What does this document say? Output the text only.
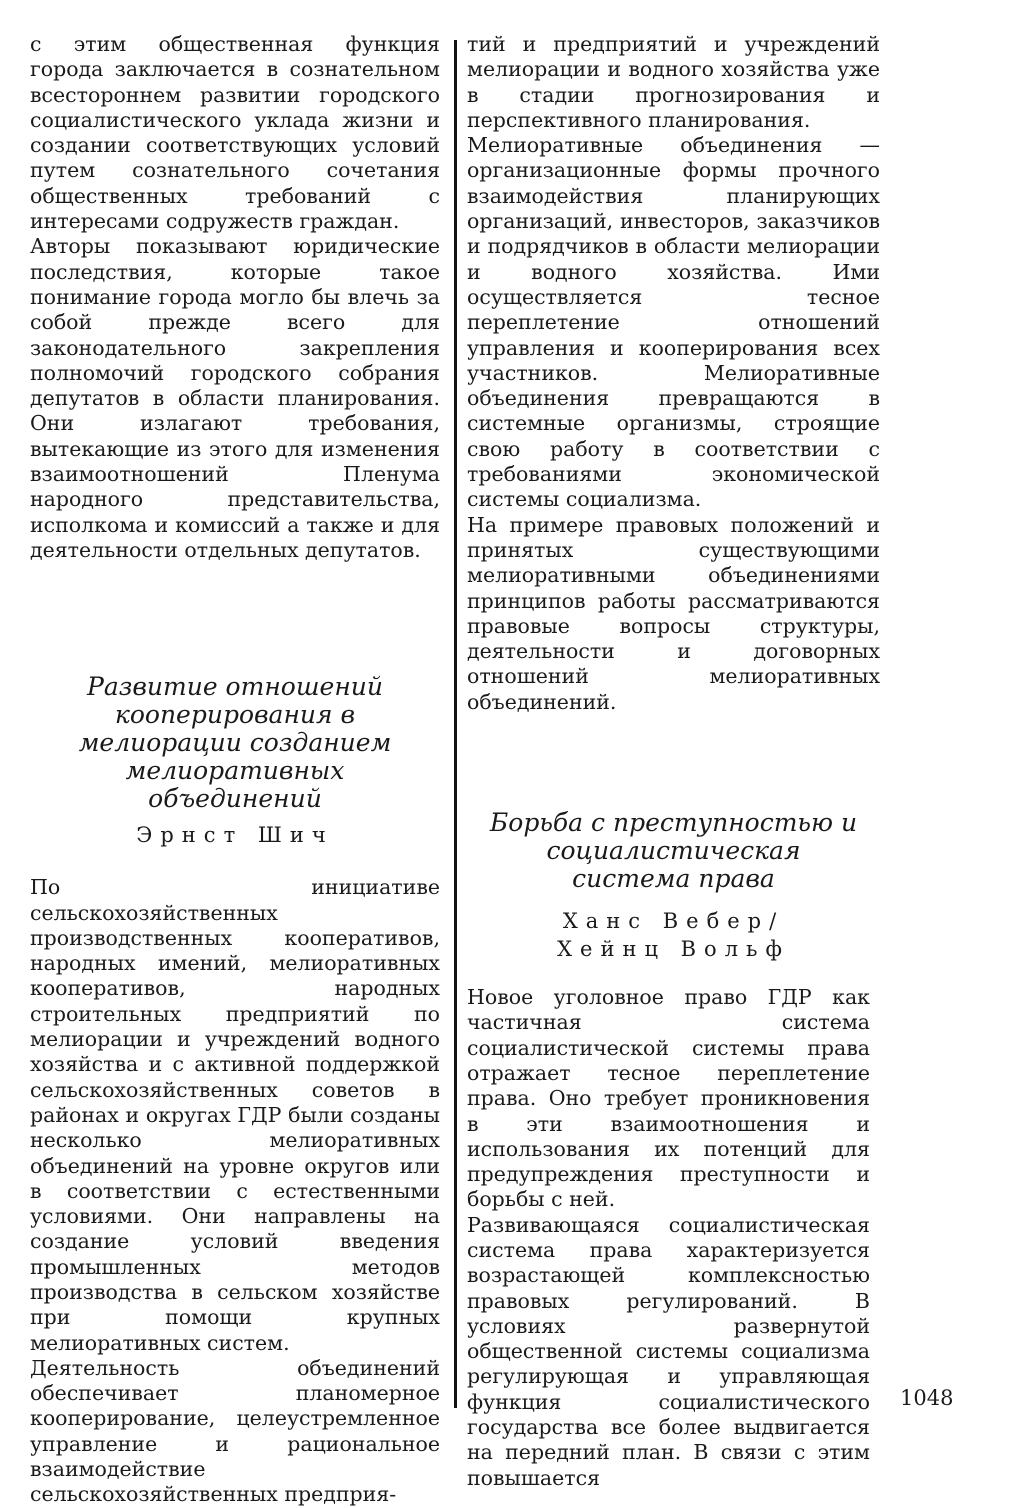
с этим общественная функция города заключается в сознательном всестороннем развитии городского социалистического уклада жизни и создании соответствующих условий путем сознательного сочетания общественных требований с интересами содружеств граждан.

Авторы показывают юридические последствия, которые такое понимание города могло бы влечь за собой прежде всего для законодательного закрепления полномочий городского собрания депутатов в области планирования. Они излагают требования, вытекающие из этого для изменения взаимоотношений Пленума народного представительства, исполкома и комиссий а также и для деятельности отдельных депутатов.

Развитие отношений кооперирования в мелиорации созданием мелиоративных объединений

Эрнст Шич

По инициативе сельскохозяйственных производственных кооперативов, народных имений, мелиоративных кооперативов, народных строительных предприятий по мелиорации и учреждений водного хозяйства и с активной поддержкой сельскохозяйственных советов в районах и округах ГДР были созданы несколько мелиоративных объединений на уровне округов или в соответствии с естественными условиями. Они направлены на создание условий введения промышленных методов производства в сельском хозяйстве при помощи крупных мелиоративных систем.

Деятельность объединений обеспечивает планомерное кооперирование, целеустремленное управление и рациональное взаимодействие сельскохозяйственных предприя-

тий и предприятий и учреждений мелиорации и водного хозяйства уже в стадии прогнозирования и перспективного планирования.

Мелиоративные объединения — организационные формы прочного взаимодействия планирующих организаций, инвесторов, заказчиков и подрядчиков в области мелиорации и водного хозяйства. Ими осуществляется тесное переплетение отношений управления и кооперирования всех участников. Мелиоративные объединения превращаются в системные организмы, строящие свою работу в соответствии с требованиями экономической системы социализма.

На примере правовых положений и принятых существующими мелиоративными объединениями принципов работы рассматриваются правовые вопросы структуры, деятельности и договорных отношений мелиоративных объединений.

Борьба с преступностью и социалистическая система права

Ханс Вебер/

Хейнц Вольф

Новое уголовное право ГДР как частичная система социалистической системы права отражает тесное переплетение права. Оно требует проникновения в эти взаимоотношения и использования их потенций для предупреждения преступности и борьбы с ней.

Развивающаяся социалистическая система права характеризуется возрастающей комплексностью правовых регулирований. В условиях развернутой общественной системы социализма регулирующая и управляющая функция социалистического государства все более выдвигается на передний план. В связи с этим повышается

1048
